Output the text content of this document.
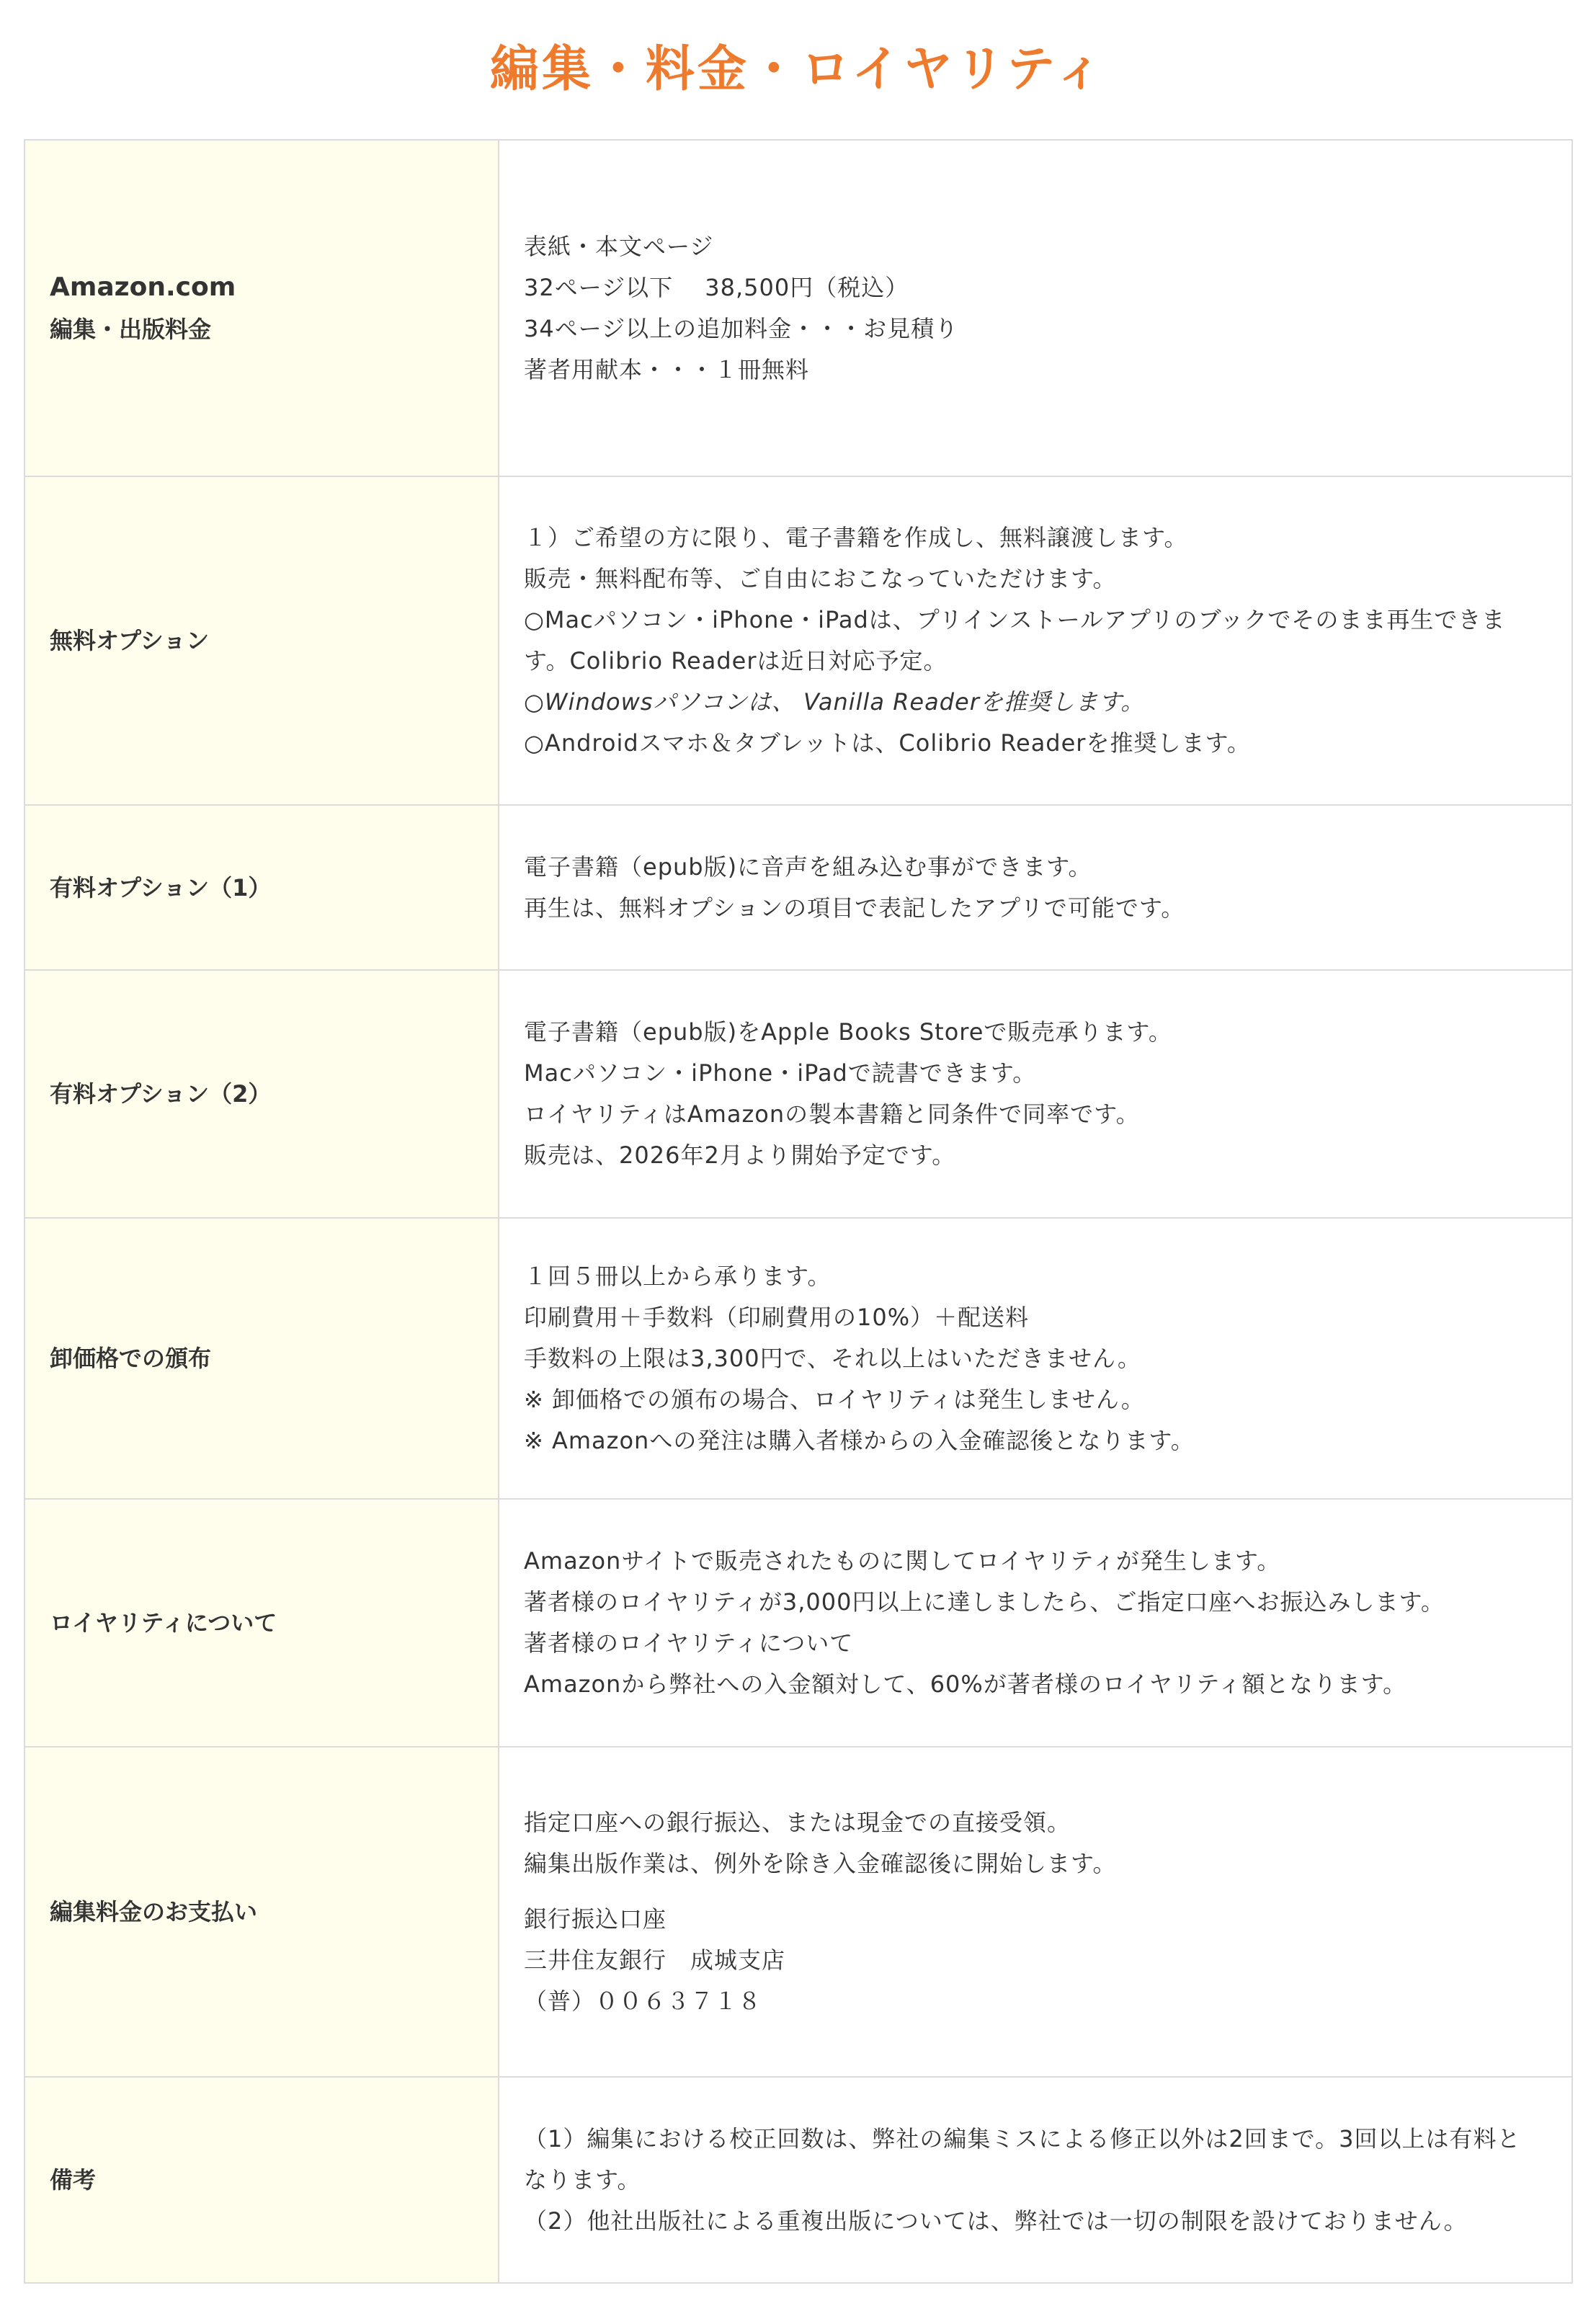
編集・料金・ロイヤリティ
Amazon.com
編集・出版料金	表紙・本文ページ
32ページ以下　 38,500円（税込）
34ページ以上の追加料金・・・お見積り
著者用献本・・・１冊無料

無料オプション	１）ご希望の方に限り、電子書籍を作成し、無料譲渡します。
販売・無料配布等、ご自由におこなっていただけます。
○Macパソコン・iPhone・iPadは、プリインストールアプリのブックでそのまま再生できます。Colibrio Readerは近日対応予定。
○Windowsパソコンは、 Vanilla Readerを推奨します。
○Androidスマホ＆タブレットは、Colibrio Readerを推奨します。

有料オプション（1）	電子書籍（epub版)に音声を組み込む事ができます。
再生は、無料オプションの項目で表記したアプリで可能です。

有料オプション（2）	電子書籍（epub版)をApple Books Storeで販売承ります。
Macパソコン・iPhone・iPadで読書できます。
ロイヤリティはAmazonの製本書籍と同条件で同率です。
販売は、2026年2月より開始予定です。

卸価格での頒布	１回５冊以上から承ります。
印刷費用＋手数料（印刷費用の10%）＋配送料
手数料の上限は3,300円で、それ以上はいただきません。
※ 卸価格での頒布の場合、ロイヤリティは発生しません。
※ Amazonへの発注は購入者様からの入金確認後となります。

ロイヤリティについて	Amazonサイトで販売されたものに関してロイヤリティが発生します。
著者様のロイヤリティが3,000円以上に達しましたら、ご指定口座へお振込みします。
著者様のロイヤリティについて
Amazonから弊社への入金額対して、60%が著者様のロイヤリティ額となります。

編集料金のお支払い	指定口座への銀行振込、または現金での直接受領。
編集出版作業は、例外を除き入金確認後に開始します。
銀行振込口座
三井住友銀行　成城支店
（普）００６３７１８

備考	（1）編集における校正回数は、弊社の編集ミスによる修正以外は2回まで。3回以上は有料となります。
（2）他社出版社による重複出版については、弊社では一切の制限を設けておりません。
